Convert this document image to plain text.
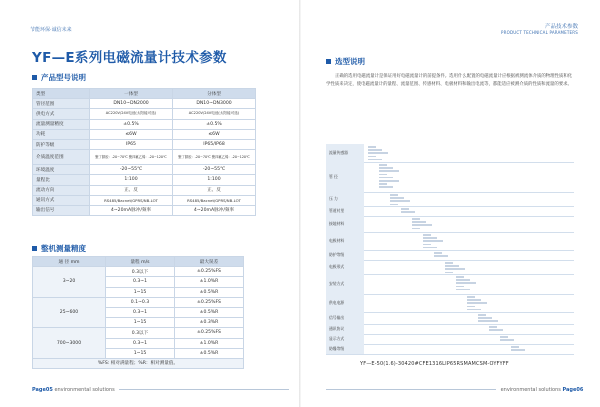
节能环保·诚信未来
YF—E系列电磁流量计技术参数
产品型号说明
类型	一体型	分体型
管径范围	DN10~DN2000	DN10~DN3000
供电方式	AC220V/24V电池(太阳能可选)	AC220V/24V电池(太阳能可选)
流量测量精度	±0.5%	±0.5%
功耗	≤6W	≤6W
防护等级	IP65	IP65/IP68
介质温度范围	聚丁腈胶：-20~70℃ 聚四氟乙烯：-20~120℃	聚丁腈胶：-20~70℃ 聚四氟乙烯：-20~120℃
环境温度	-20~55℃	-20~55℃
量程比	1:100	1:100
流动方向	正、反	正、反
通讯方式	RS485/Bacnet/GPRS/NB-LOT	RS485/Bacnet/GPRS/NB-LOT
输出信号	4~20mA脉冲/频率	4~20mA脉冲/频率
整机测量精度
通 径 mm	量程 m/s	最大误差
3~20	0.3以下	±0.25%FS
	0.3~1	±1.0%R
	1~15	±0.5%R
25~600	0.1~0.3	±0.25%FS
	0.3~1	±0.5%R
	1~15	±0.3%R
700~3000	0.3以下	±0.25%FS
	0.3~1	±1.0%R
	1~15	±0.5%R
%FS: 相对满量程；%R：相对测量值。		
Page05 environmental solutions
产品技术参数
PRODUCT TECHNICAL PARAMETERS
选型说明
正确的选用电磁流量计是保证用好电磁流量计的前提条件。选用什么配置的电磁流量计应根据被测流体介质的物理性质和化学性质来决定，使电磁流量计的量程、流量范围、传感材料、电极材料和输出电流等，都能适应被测介质的性质和流量的要求。
流量传感器
管 径
压 力
管道衬里
接地材料
电极材料
防护等级
电极形式
安装方式
供电电源
信号输出
通讯协议
显示方式
防爆等级
YF—E-50(1.6)-30420#CFE1316LIP65RSMAMCSM-OYFYFF
environmental solutions Page06
